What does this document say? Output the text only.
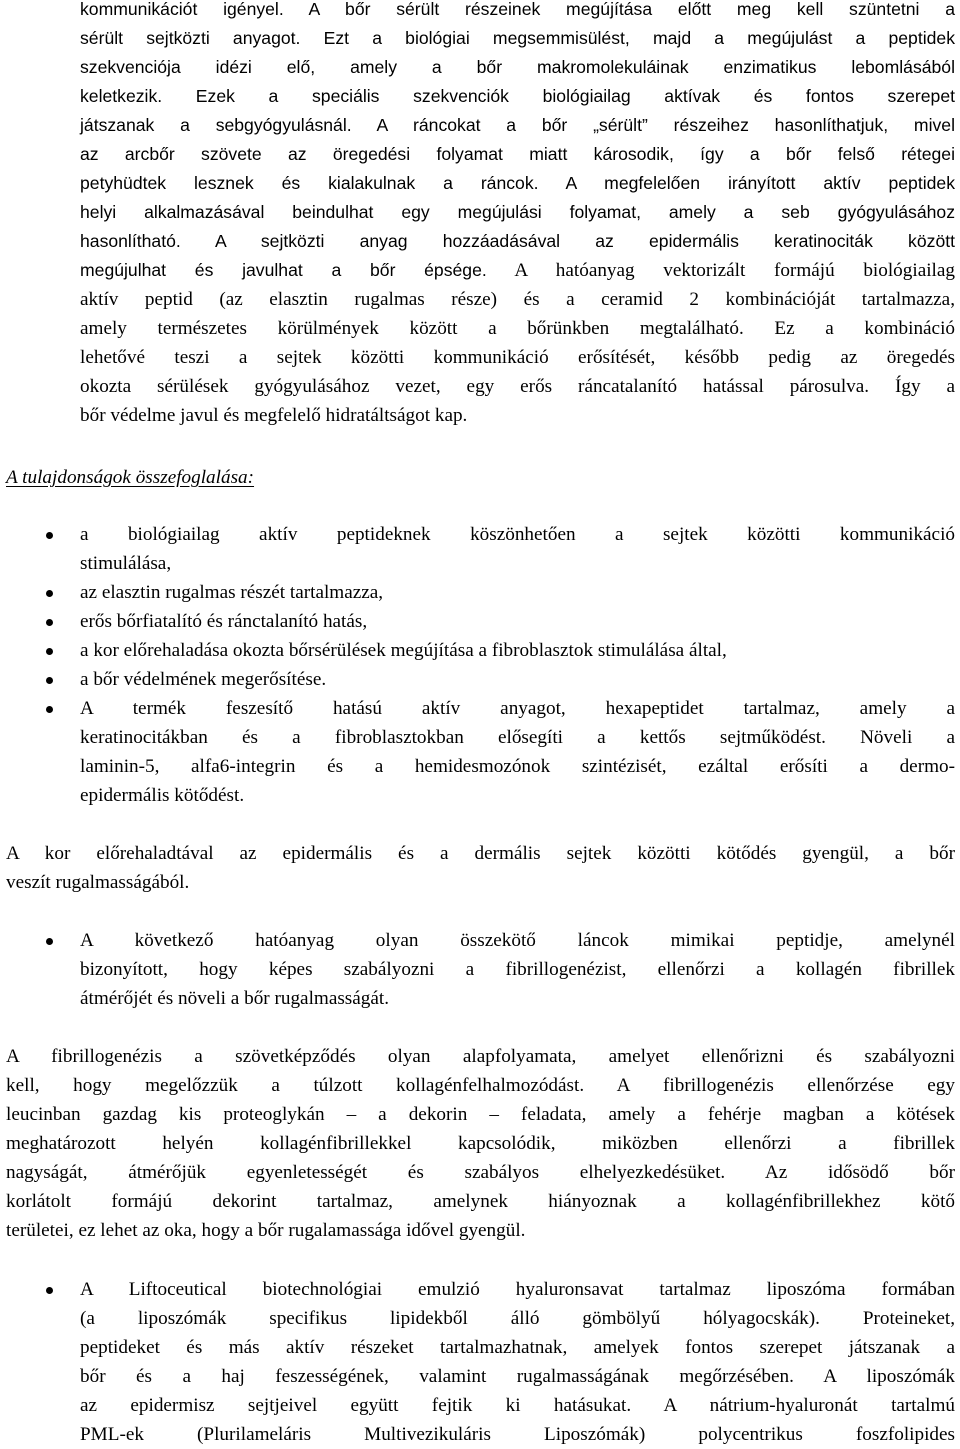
kommunikációt igényel. A bőr sérült részeinek megújítása előtt meg kell szüntetni a
sérült sejtközti anyagot. Ezt a biológiai megsemmisülést, majd a megújulást a peptidek
szekvenciója idézi elő, amely a bőr makromolekuláinak enzimatikus lebomlásából
keletkezik. Ezek a speciális szekvenciók biológiailag aktívak és fontos szerepet
játszanak a sebgyógyulásnál. A ráncokat a bőr „sérült” részeihez hasonlíthatjuk, mivel
az arcbőr szövete az öregedési folyamat miatt károsodik, így a bőr felső rétegei
petyhüdtek lesznek és kialakulnak a ráncok. A megfelelően irányított aktív peptidek
helyi alkalmazásával beindulhat egy megújulási folyamat, amely a seb gyógyulásához
hasonlítható. A sejtközti anyag hozzáadásával az epidermális keratinociták között
megújulhat és javulhat a bőr épsége. A hatóanyag vektorizált formájú biológiailag
aktív peptid (az elasztin rugalmas része) és a ceramid 2 kombinációját tartalmazza,
amely természetes körülmények között a bőrünkben megtalálható. Ez a kombináció
lehetővé teszi a sejtek közötti kommunikáció erősítését, később pedig az öregedés
okozta sérülések gyógyulásához vezet, egy erős ráncatalanító hatással párosulva. Így a
bőr védelme javul és megfelelő hidratáltságot kap.
A tulajdonságok összefoglalása:
a biológiailag aktív peptideknek köszönhetően a sejtek közötti kommunikáció
stimulálása,
az elasztin rugalmas részét tartalmazza,
erős bőrfiatalító és ránctalanító hatás,
a kor előrehaladása okozta bőrsérülések megújítása a fibroblasztok stimulálása által,
a bőr védelmének megerősítése.
A termék feszesítő hatású aktív anyagot, hexapeptidet tartalmaz, amely a
keratinocitákban és a fibroblasztokban elősegíti a kettős sejtműködést. Növeli a
laminin-5, alfa6-integrin és a hemidesmozónok szintézisét, ezáltal erősíti a dermo-
epidermális kötődést.
A kor előrehaladtával az epidermális és a dermális sejtek közötti kötődés gyengül, a bőr
veszít rugalmasságából.
A következő hatóanyag olyan összekötő láncok mimikai peptidje, amelynél
bizonyított, hogy képes szabályozni a fibrillogenézist, ellenőrzi a kollagén fibrillek
átmérőjét és növeli a bőr rugalmasságát.
A fibrillogenézis a szövetképződés olyan alapfolyamata, amelyet ellenőrizni és szabályozni
kell, hogy megelőzzük a túlzott kollagénfelhalmozódást. A fibrillogenézis ellenőrzése egy
leucinban gazdag kis proteoglykán – a dekorin – feladata, amely a fehérje magban a kötések
meghatározott helyén kollagénfibrillekkel kapcsolódik, miközben ellenőrzi a fibrillek
nagyságát, átmérőjük egyenletességét és szabályos elhelyezkedésüket. Az idősödő bőr
korlátolt formájú dekorint tartalmaz, amelynek hiányoznak a kollagénfibrillekhez kötő
területei, ez lehet az oka, hogy a bőr rugalamassága idővel gyengül.
A Liftoceutical biotechnológiai emulzió hyaluronsavat tartalmaz liposzóma formában
(a liposzómák specifikus lipidekből álló gömbölyű hólyagocskák). Proteineket,
peptideket és más aktív részeket tartalmazhatnak, amelyek fontos szerepet játszanak a
bőr és a haj feszességének, valamint rugalmasságának megőrzésében. A liposzómák
az epidermisz sejtjeivel együtt fejtik ki hatásukat. A nátrium-hyaluronát tartalmú
PML-ek (Plurilameláris Multivezikuláris Liposzómák) polycentrikus foszfolipides
